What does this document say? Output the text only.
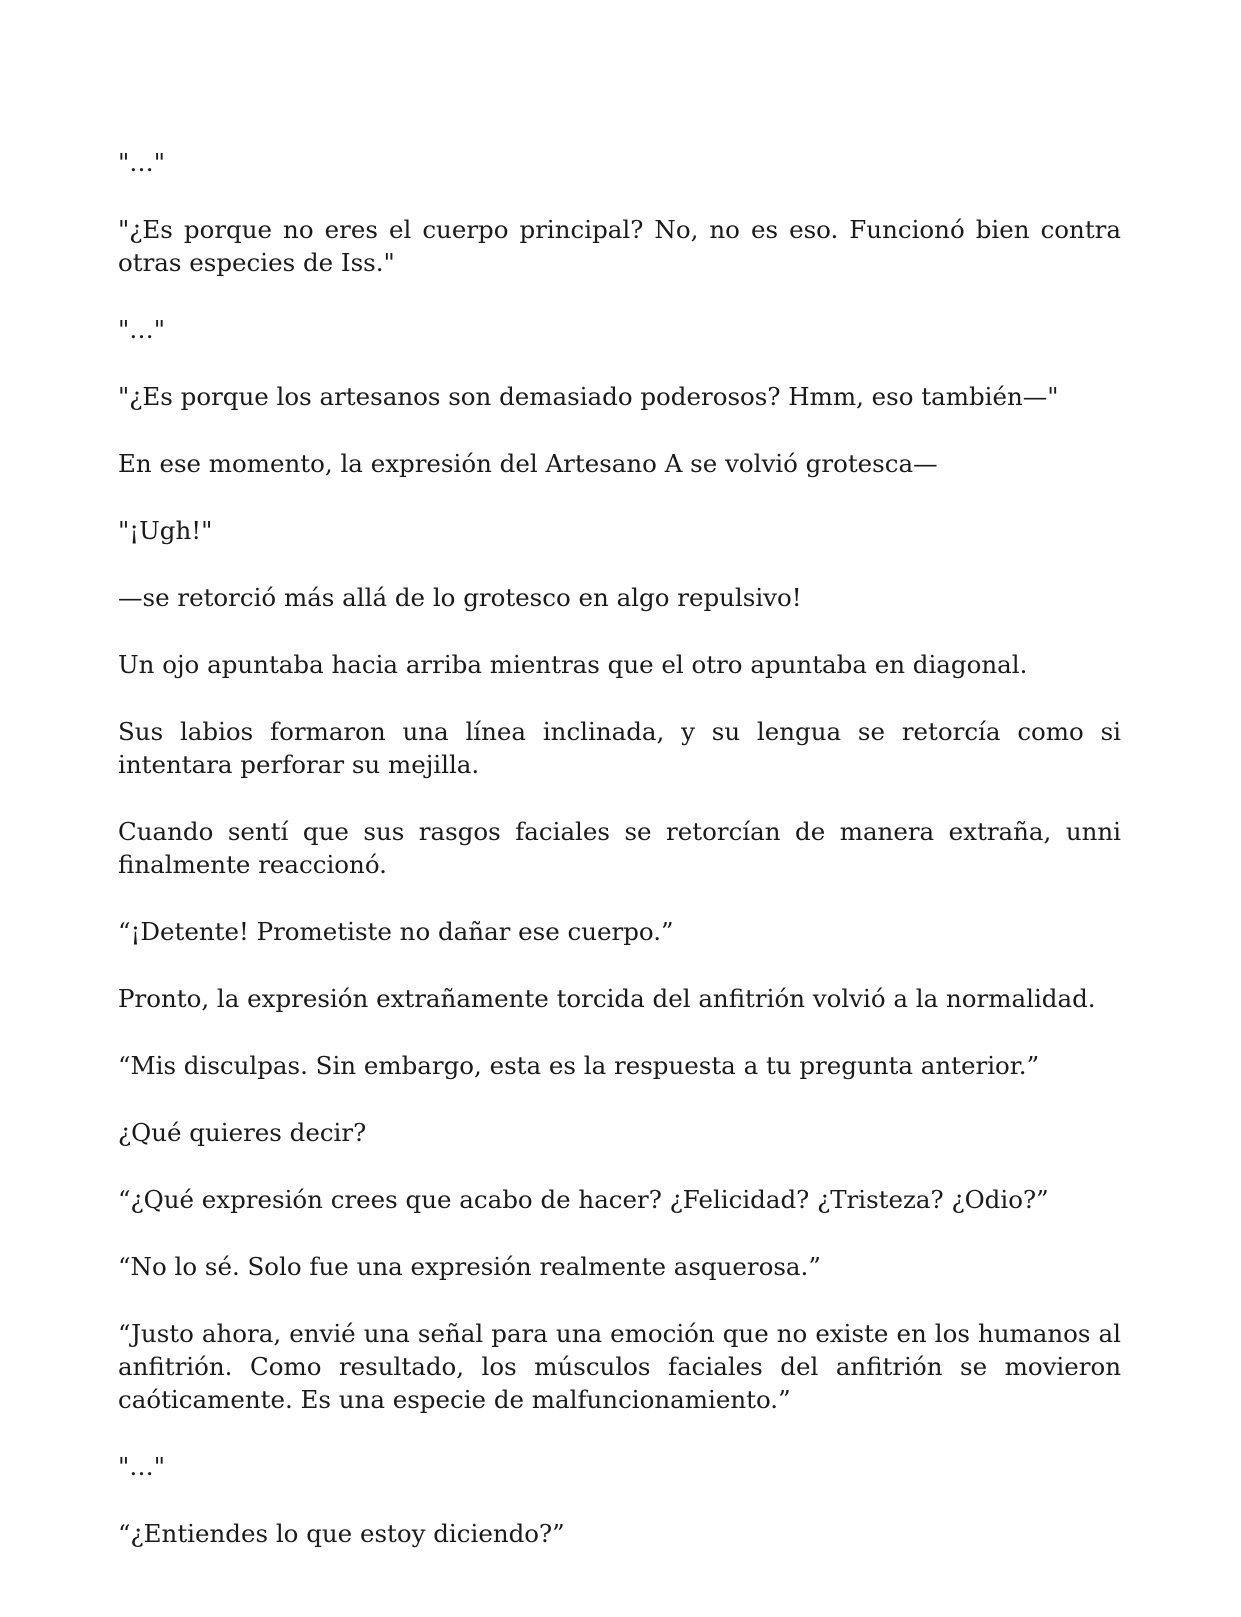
"…"

"¿Es porque no eres el cuerpo principal? No, no es eso. Funcionó bien contra otras especies de Iss."

"…"

"¿Es porque los artesanos son demasiado poderosos? Hmm, eso también—"

En ese momento, la expresión del Artesano A se volvió grotesca—

"¡Ugh!"

—se retorció más allá de lo grotesco en algo repulsivo!

Un ojo apuntaba hacia arriba mientras que el otro apuntaba en diagonal.

Sus labios formaron una línea inclinada, y su lengua se retorcía como si intentara perforar su mejilla.

Cuando sentí que sus rasgos faciales se retorcían de manera extraña, unni finalmente reaccionó.

“¡Detente! Prometiste no dañar ese cuerpo.”

Pronto, la expresión extrañamente torcida del anfitrión volvió a la normalidad.

“Mis disculpas. Sin embargo, esta es la respuesta a tu pregunta anterior.”

¿Qué quieres decir?

“¿Qué expresión crees que acabo de hacer? ¿Felicidad? ¿Tristeza? ¿Odio?”

“No lo sé. Solo fue una expresión realmente asquerosa.”

“Justo ahora, envié una señal para una emoción que no existe en los humanos al anfitrión. Como resultado, los músculos faciales del anfitrión se movieron caóticamente. Es una especie de malfuncionamiento.”

"…"

“¿Entiendes lo que estoy diciendo?”
